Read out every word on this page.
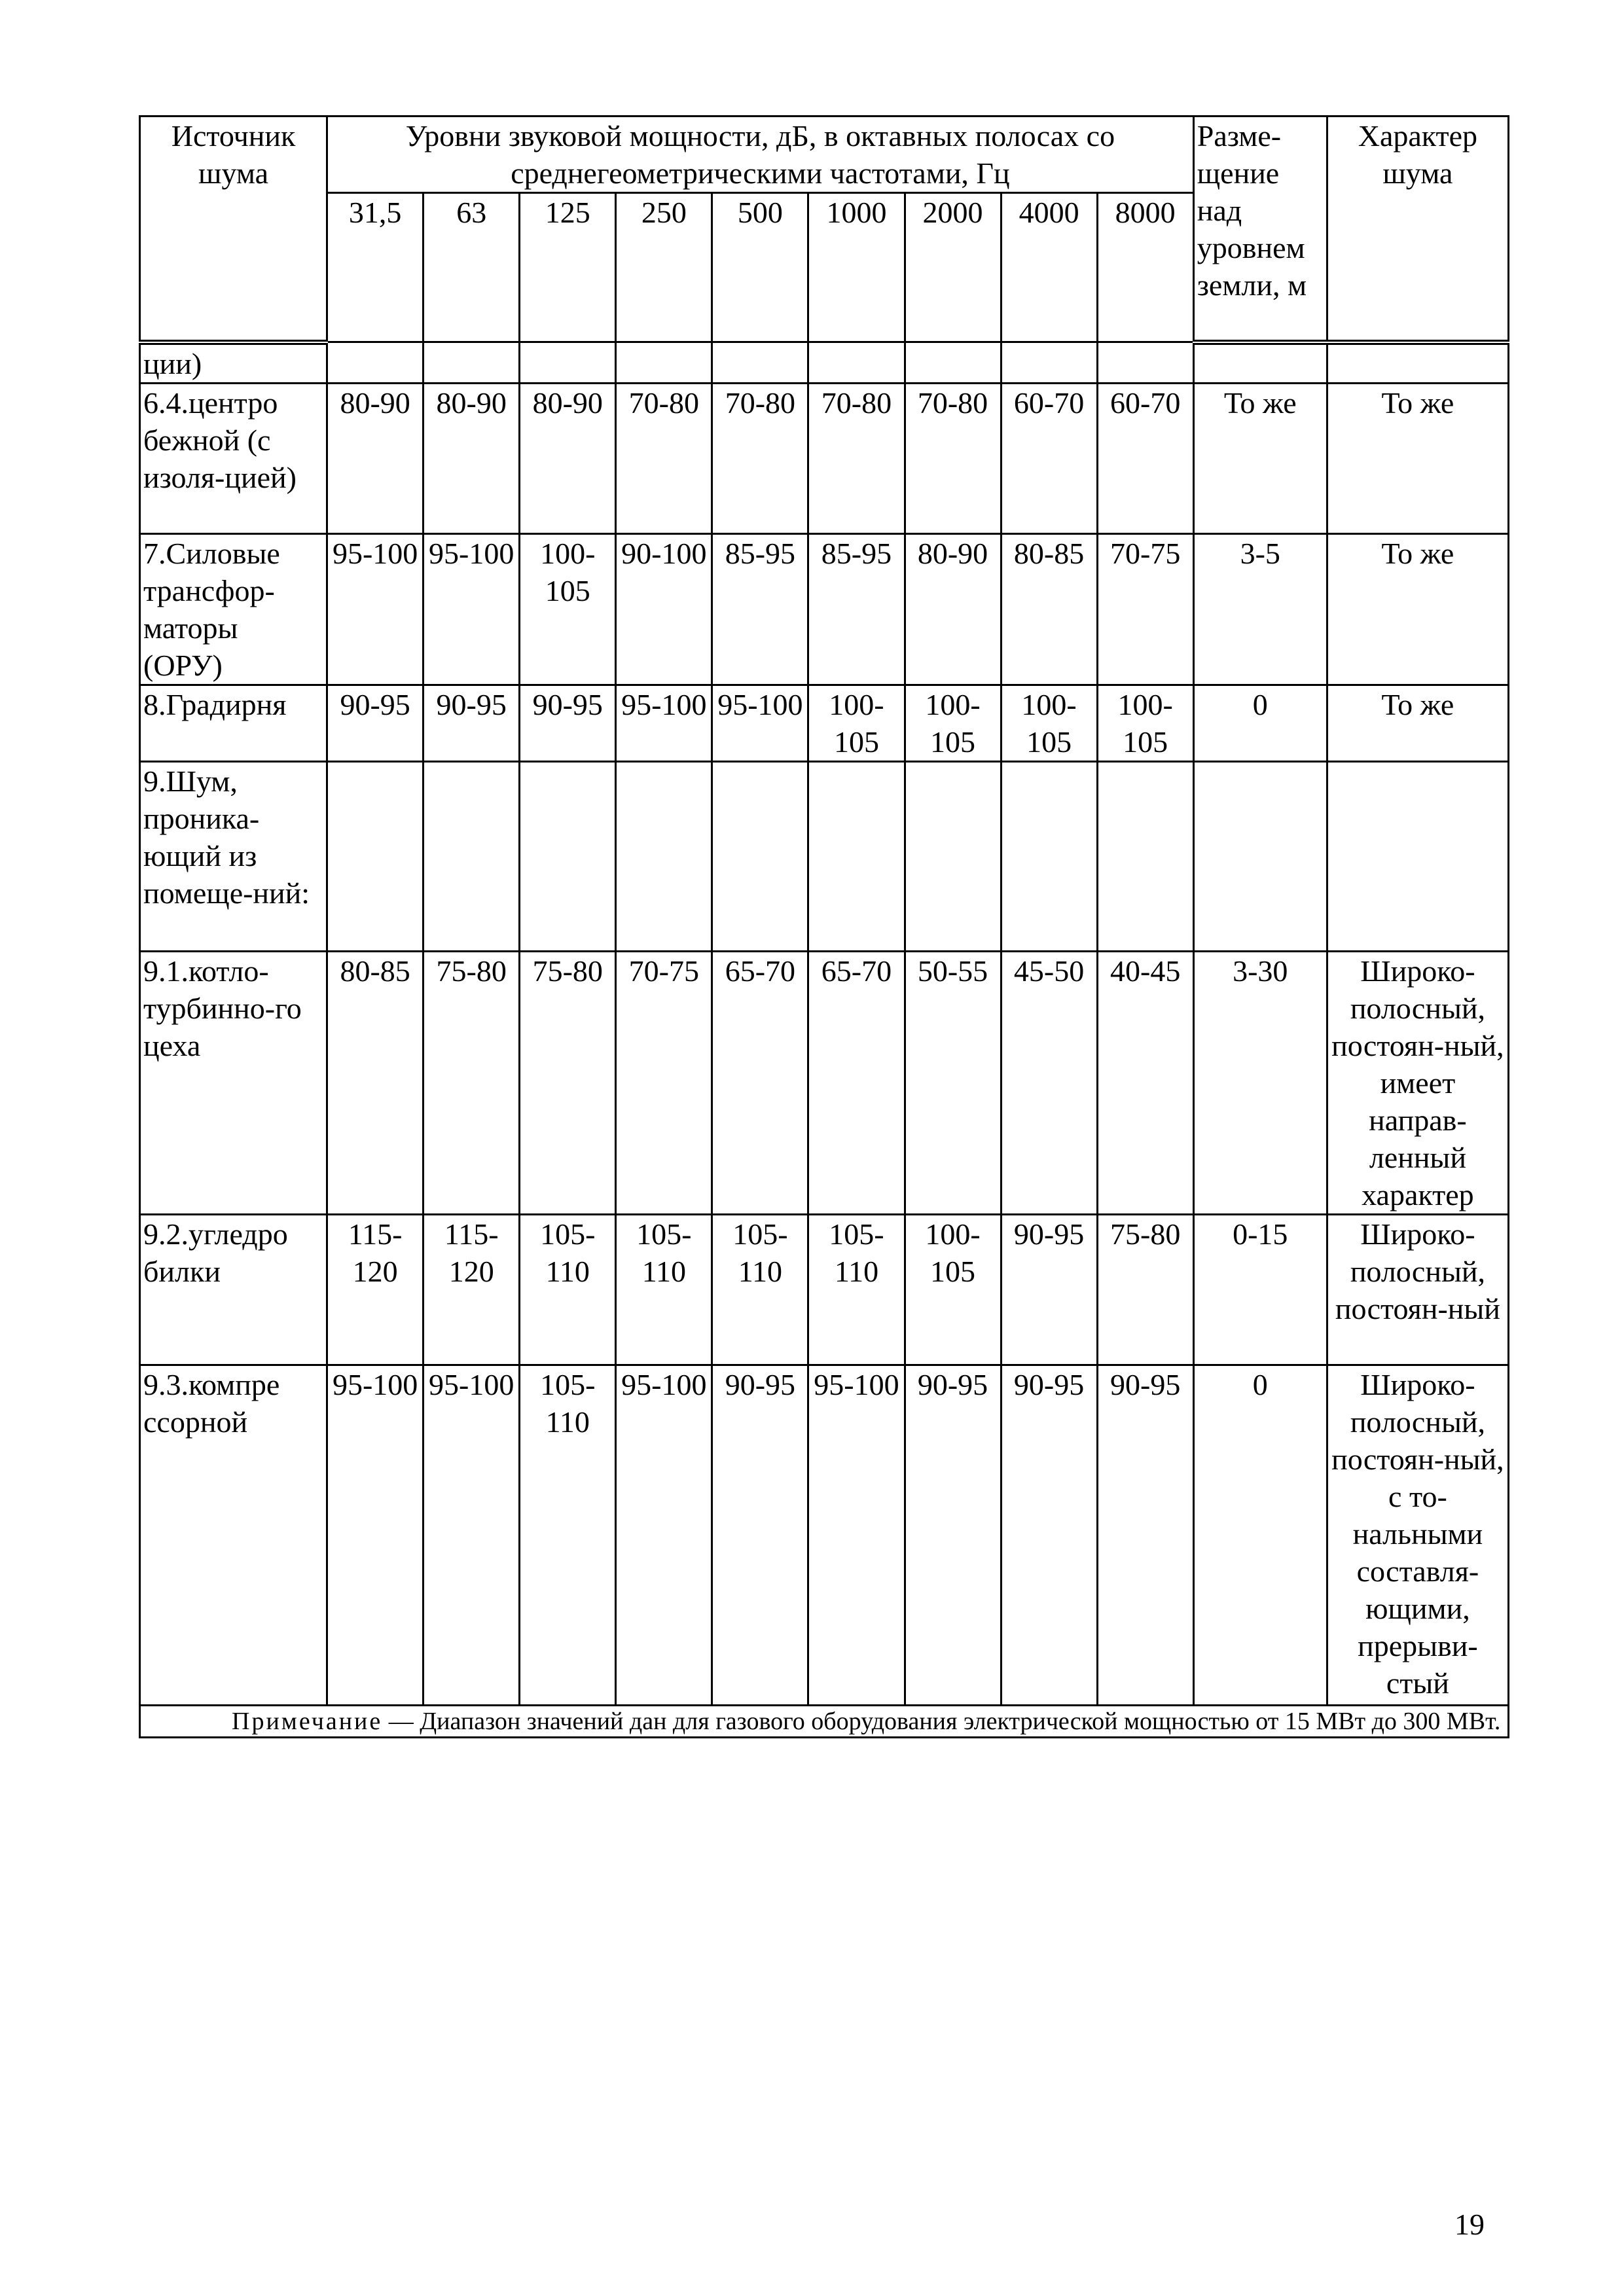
Источник шума	Уровни звуковой мощности, дБ, в октавных полосах со среднегеометрическими частотами, Гц									Разме-щение над уровнем земли, м	Характер шума
	31,5	63	125	250	500	1000	2000	4000	8000		
ции)											
6.4.центро бежной (с изоля-цией)	80-90	80-90	80-90	70-80	70-80	70-80	70-80	60-70	60-70	То же	То же
7.Силовые трансфор-маторы (ОРУ)	95-100	95-100	100-105	90-100	85-95	85-95	80-90	80-85	70-75	3-5	То же
8.Градирня	90-95	90-95	90-95	95-100	95-100	100-105	100-105	100-105	100-105	0	То же
9.Шум, проника-ющий из помеще-ний:											
9.1.котло-турбинно-го цеха	80-85	75-80	75-80	70-75	65-70	65-70	50-55	45-50	40-45	3-30	Широко-полосный, постоян-ный, имеет направ-ленный характер
9.2.угледро билки	115-120	115-120	105-110	105-110	105-110	105-110	100-105	90-95	75-80	0-15	Широко-полосный, постоян-ный
9.3.компре ссорной	95-100	95-100	105-110	95-100	90-95	95-100	90-95	90-95	90-95	0	Широко-полосный, постоян-ный, с то-нальными составля-ющими, прерыви-стый
Примечание — Диапазон значений дан для газового оборудования электрической мощностью от 15 МВт до 300 МВт.											
19
